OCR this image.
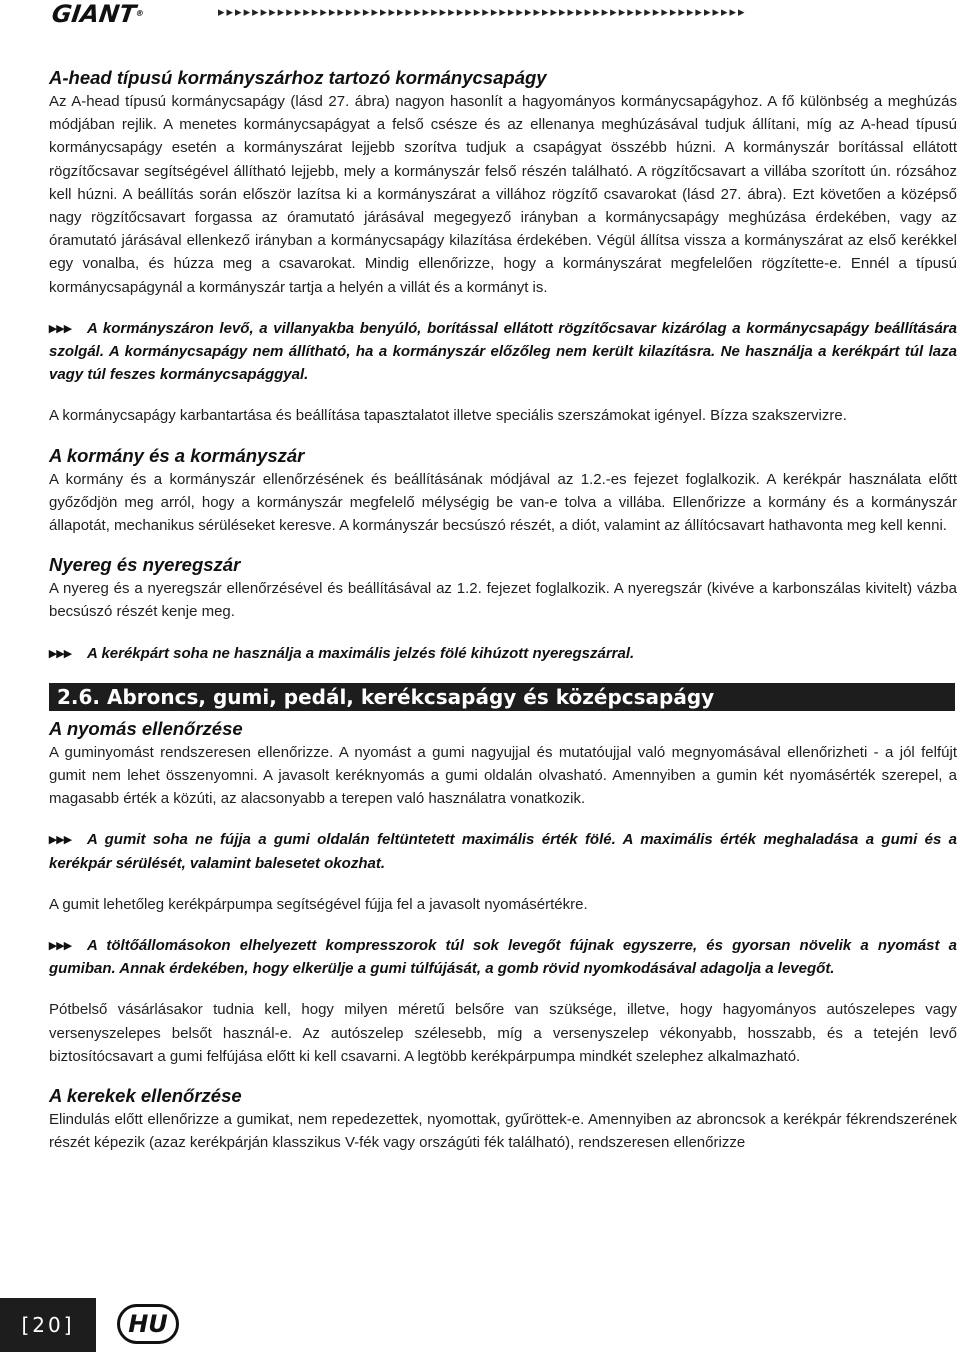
GIANT®	▸▸▸▸▸▸▸▸▸▸▸▸▸▸▸▸▸▸▸▸▸▸▸▸▸▸▸▸▸▸▸▸▸▸▸▸▸▸▸▸▸▸▸▸▸▸▸▸▸▸▸▸▸▸▸▸▸▸▸▸▸▸
A-head típusú kormányszárhoz tartozó kormánycsapágy

Az A-head típusú kormánycsapágy (lásd 27. ábra) nagyon hasonlít a hagyományos kormánycsapágyhoz. A fő különbség a meghúzás módjában rejlik. A menetes kormánycsapágyat a felső csésze és az ellenanya meghúzásával tudjuk állítani, míg az A-head típusú kormánycsapágy esetén a kormányszárat lejjebb szorítva tudjuk a csapágyat összébb húzni. A kormányszár borítással ellátott rögzítőcsavar segítségével állítható lejjebb, mely a kormányszár felső részén található. A rögzítőcsavart a villába szorított ún. rózsához kell húzni. A beállítás során először lazítsa ki a kormányszárat a villához rögzítő csavarokat (lásd 27. ábra). Ezt követően a középső nagy rögzítőcsavart forgassa az óramutató járásával megegyező irányban a kormánycsapágy meghúzása érdekében, vagy az óramutató járásával ellenkező irányban a kormánycsapágy kilazítása érdekében. Végül állítsa vissza a kormányszárat az első kerékkel egy vonalba, és húzza meg a csavarokat. Mindig ellenőrizze, hogy a kormányszárat megfelelően rögzítette-e. Ennél a típusú kormánycsapágynál a kormányszár tartja a helyén a villát és a kormányt is.

▸▸▸ A kormányszáron levő, a villanyakba benyúló, borítással ellátott rögzítőcsavar kizárólag a kormánycsapágy beállítására szolgál. A kormánycsapágy nem állítható, ha a kormányszár előzőleg nem került kilazításra. Ne használja a kerékpárt túl laza vagy túl feszes kormánycsapággyal.

A kormánycsapágy karbantartása és beállítása tapasztalatot illetve speciális szerszámokat igényel. Bízza szakszervizre.

A kormány és a kormányszár

A kormány és a kormányszár ellenőrzésének és beállításának módjával az 1.2.-es fejezet foglalkozik. A kerékpár használata előtt győződjön meg arról, hogy a kormányszár megfelelő mélységig be van-e tolva a villába. Ellenőrizze a kormány és a kormányszár állapotát, mechanikus sérüléseket keresve. A kormányszár becsúszó részét, a diót, valamint az állítócsavart hathavonta meg kell kenni.

Nyereg és nyeregszár

A nyereg és a nyeregszár ellenőrzésével és beállításával az 1.2. fejezet foglalkozik. A nyeregszár (kivéve a karbonszálas kivitelt) vázba becsúszó részét kenje meg.

▸▸▸ A kerékpárt soha ne használja a maximális jelzés fölé kihúzott nyeregszárral.

2.6. Abroncs, gumi, pedál, kerékcsapágy és középcsapágy
A nyomás ellenőrzése

A guminyomást rendszeresen ellenőrizze. A nyomást a gumi nagyujjal és mutatóujjal való megnyomásával ellenőrizheti - a jól felfújt gumit nem lehet összenyomni. A javasolt keréknyomás a gumi oldalán olvasható. Amennyiben a gumin két nyomásérték szerepel, a magasabb érték a közúti, az alacsonyabb a terepen való használatra vonatkozik.

▸▸▸ A gumit soha ne fújja a gumi oldalán feltüntetett maximális érték fölé. A maximális érték meghaladása a gumi és a kerékpár sérülését, valamint balesetet okozhat.

A gumit lehetőleg kerékpárpumpa segítségével fújja fel a javasolt nyomásértékre.

▸▸▸ A töltőállomásokon elhelyezett kompresszorok túl sok levegőt fújnak egyszerre, és gyorsan növelik a nyomást a gumiban. Annak érdekében, hogy elkerülje a gumi túlfújását, a gomb rövid nyomkodásával adagolja a levegőt.

Pótbelső vásárlásakor tudnia kell, hogy milyen méretű belsőre van szüksége, illetve, hogy hagyományos autószelepes vagy versenyszelepes belsőt használ-e. Az autószelep szélesebb, míg a versenyszelep vékonyabb, hosszabb, és a tetején levő biztosítócsavart a gumi felfújása előtt ki kell csavarni. A legtöbb kerékpárpumpa mindkét szelephez alkalmazható.

A kerekek ellenőrzése

Elindulás előtt ellenőrizze a gumikat, nem repedezettek, nyomottak, gyűröttek-e. Amennyiben az abroncsok a kerékpár fékrendszerének részét képezik (azaz kerékpárján klasszikus V-fék vagy országúti fék található), rendszeresen ellenőrizze

[20]	HU
